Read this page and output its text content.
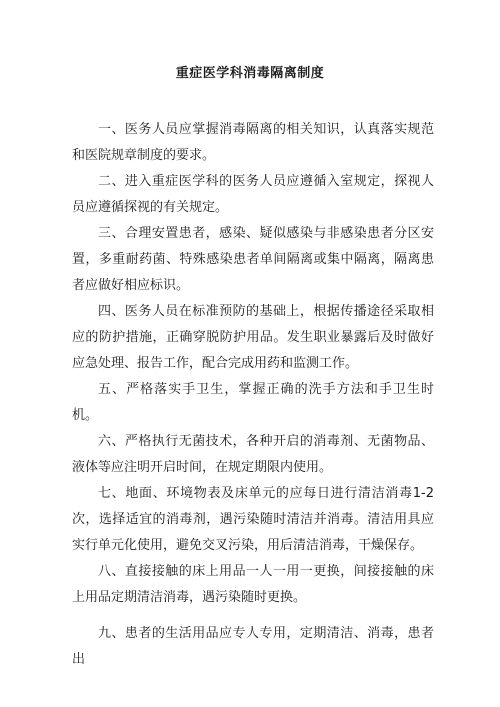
重症医学科消毒隔离制度

一、医务人员应掌握消毒隔离的相关知识，认真落实规范和医院规章制度的要求。

二、进入重症医学科的医务人员应遵循入室规定，探视人员应遵循探视的有关规定。

三、合理安置患者，感染、疑似感染与非感染患者分区安置，多重耐药菌、特殊感染患者单间隔离或集中隔离，隔离患者应做好相应标识。

四、医务人员在标准预防的基础上，根据传播途径采取相应的防护措施，正确穿脱防护用品。发生职业暴露后及时做好应急处理、报告工作，配合完成用药和监测工作。

五、严格落实手卫生，掌握正确的洗手方法和手卫生时机。

六、严格执行无菌技术，各种开启的消毒剂、无菌物品、液体等应注明开启时间，在规定期限内使用。

七、地面、环境物表及床单元的应每日进行清洁消毒1-2次，选择适宜的消毒剂，遇污染随时清洁并消毒。清洁用具应实行单元化使用，避免交叉污染，用后清洁消毒，干燥保存。

八、直接接触的床上用品一人一用一更换，间接接触的床上用品定期清洁消毒，遇污染随时更换。

九、患者的生活用品应专人专用，定期清洁、消毒，患者出
